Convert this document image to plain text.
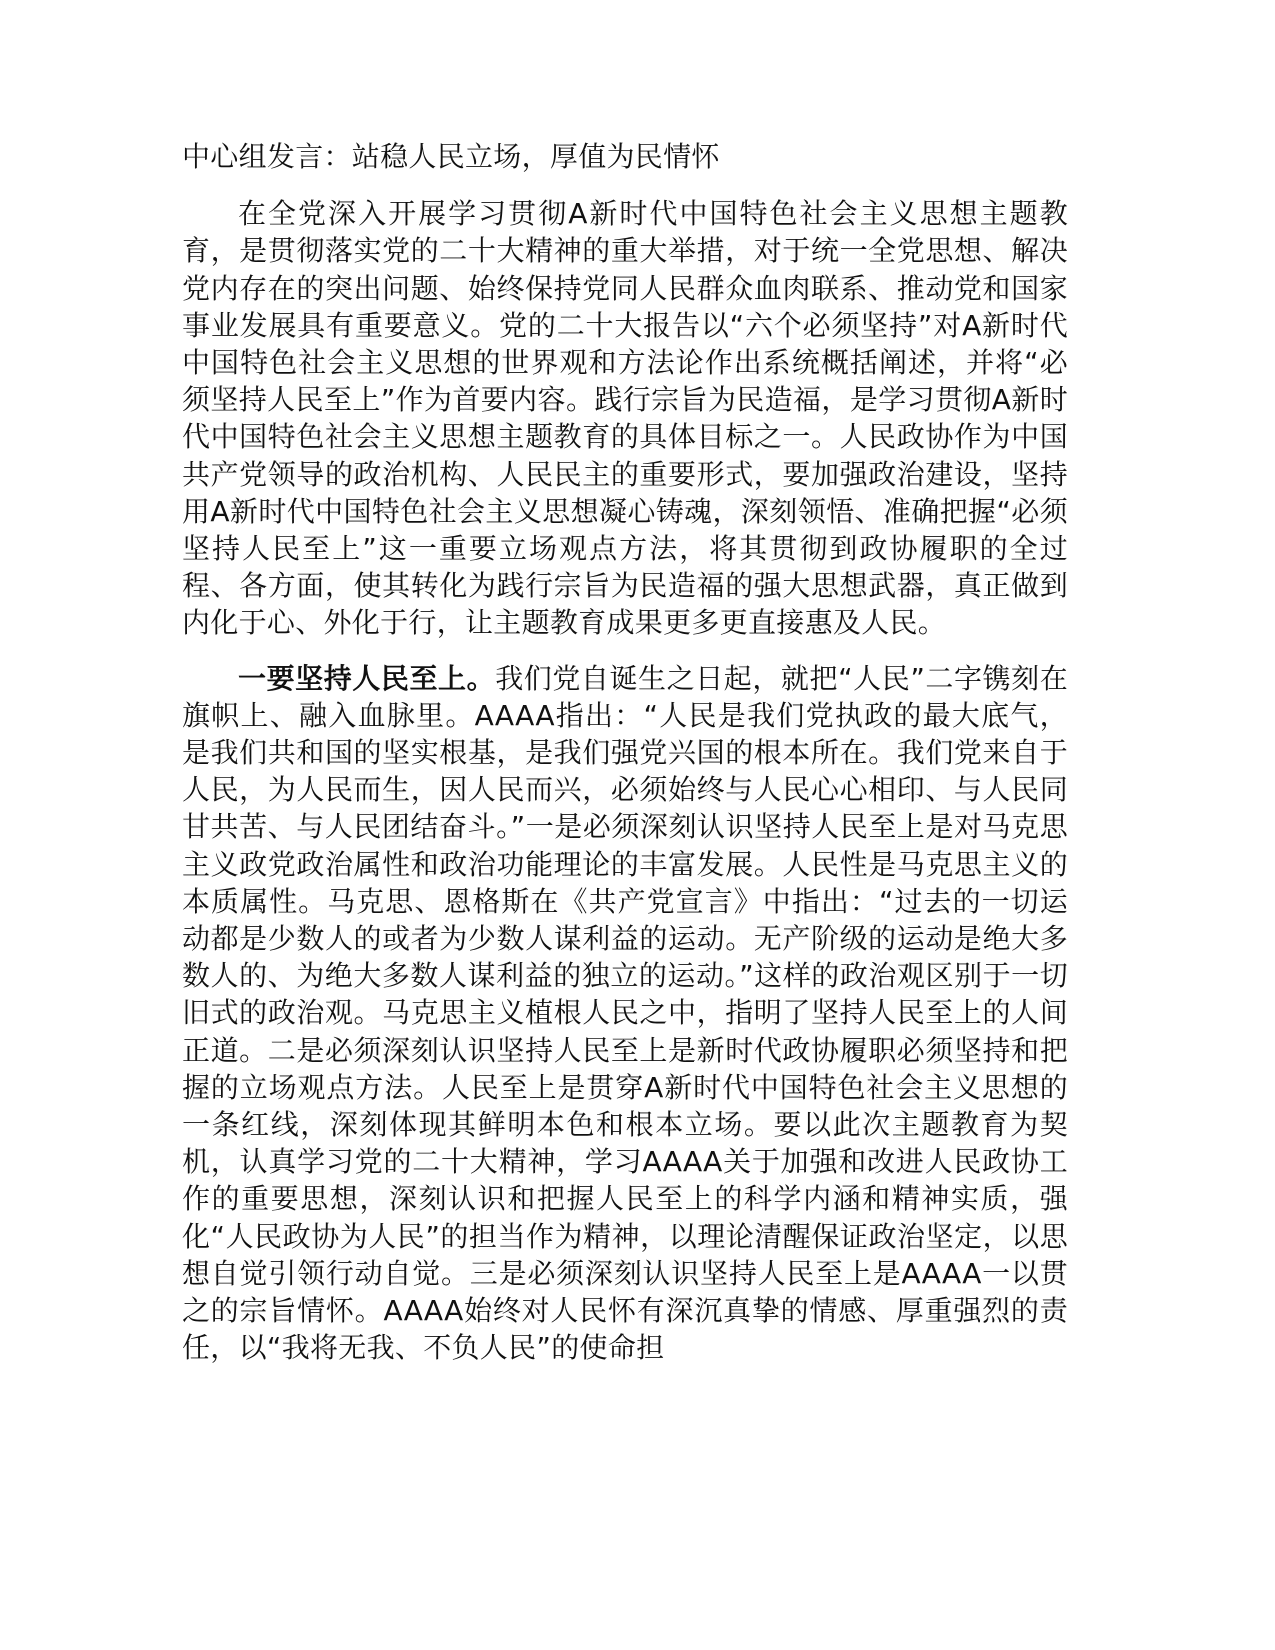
中心组发言：站稳人民立场，厚值为民情怀

在全党深入开展学习贯彻A新时代中国特色社会主义思想主题教育，是贯彻落实党的二十大精神的重大举措，对于统一全党思想、解决党内存在的突出问题、始终保持党同人民群众血肉联系、推动党和国家事业发展具有重要意义。党的二十大报告以“六个必须坚持”对A新时代中国特色社会主义思想的世界观和方法论作出系统概括阐述，并将“必须坚持人民至上”作为首要内容。践行宗旨为民造福，是学习贯彻A新时代中国特色社会主义思想主题教育的具体目标之一。人民政协作为中国共产党领导的政治机构、人民民主的重要形式，要加强政治建设，坚持用A新时代中国特色社会主义思想凝心铸魂，深刻领悟、准确把握“必须坚持人民至上”这一重要立场观点方法，将其贯彻到政协履职的全过程、各方面，使其转化为践行宗旨为民造福的强大思想武器，真正做到内化于心、外化于行，让主题教育成果更多更直接惠及人民。

一要坚持人民至上。我们党自诞生之日起，就把“人民”二字镌刻在旗帜上、融入血脉里。AAAA指出：“人民是我们党执政的最大底气，是我们共和国的坚实根基，是我们强党兴国的根本所在。我们党来自于人民，为人民而生，因人民而兴，必须始终与人民心心相印、与人民同甘共苦、与人民团结奋斗。”一是必须深刻认识坚持人民至上是对马克思主义政党政治属性和政治功能理论的丰富发展。人民性是马克思主义的本质属性。马克思、恩格斯在《共产党宣言》中指出：“过去的一切运动都是少数人的或者为少数人谋利益的运动。无产阶级的运动是绝大多数人的、为绝大多数人谋利益的独立的运动。”这样的政治观区别于一切旧式的政治观。马克思主义植根人民之中，指明了坚持人民至上的人间正道。二是必须深刻认识坚持人民至上是新时代政协履职必须坚持和把握的立场观点方法。人民至上是贯穿A新时代中国特色社会主义思想的一条红线，深刻体现其鲜明本色和根本立场。要以此次主题教育为契机，认真学习党的二十大精神，学习AAAA关于加强和改进人民政协工作的重要思想，深刻认识和把握人民至上的科学内涵和精神实质，强化“人民政协为人民”的担当作为精神，以理论清醒保证政治坚定，以思想自觉引领行动自觉。三是必须深刻认识坚持人民至上是AAAA一以贯之的宗旨情怀。AAAA始终对人民怀有深沉真挚的情感、厚重强烈的责任，以“我将无我、不负人民”的使命担
